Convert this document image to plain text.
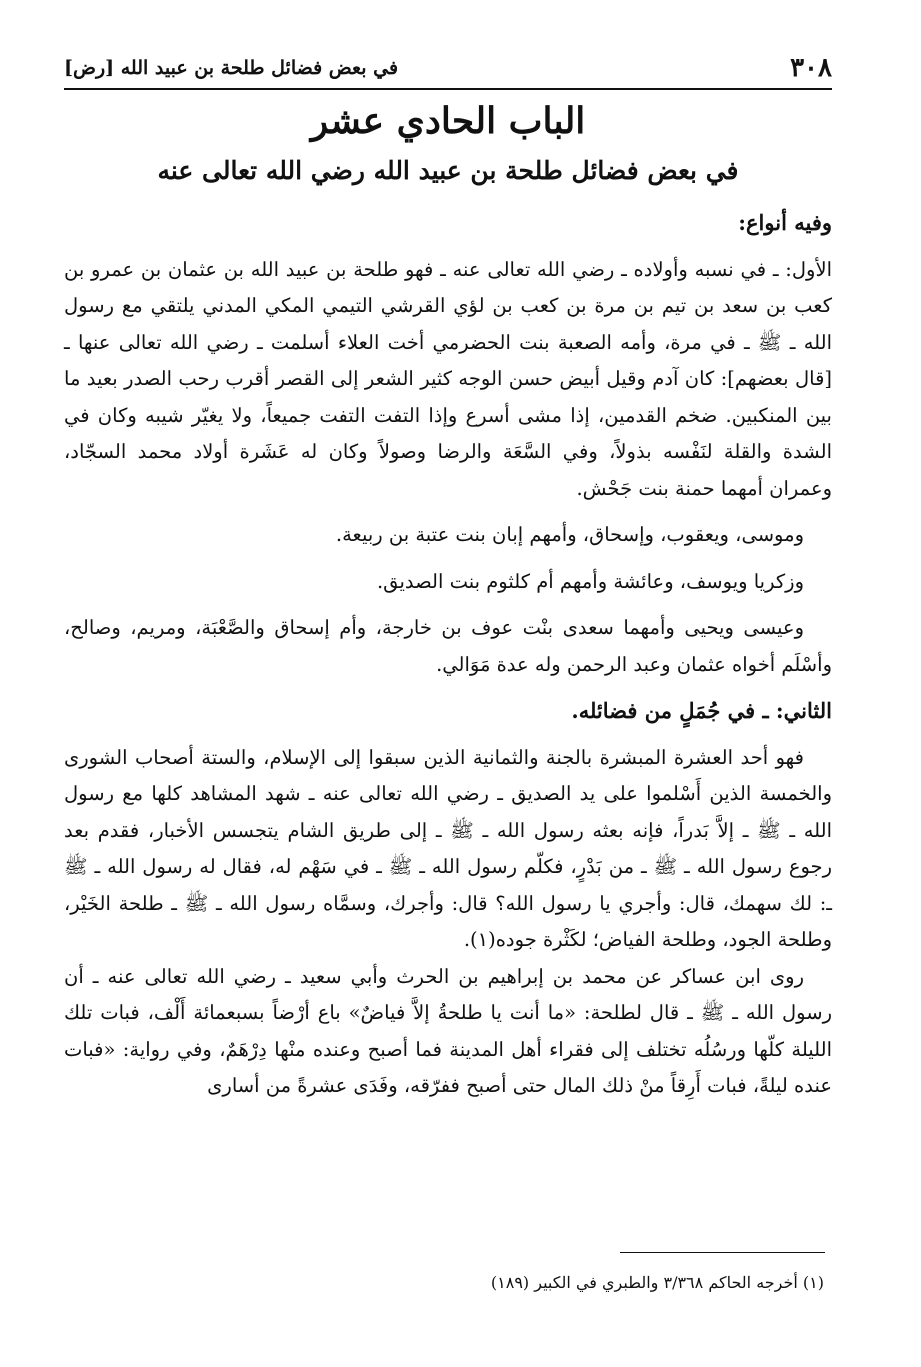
٣٠٨
في بعض فضائل طلحة بن عبيد الله [رض]
الباب الحادي عشر
في بعض فضائل طلحة بن عبيد الله رضي الله تعالى عنه

وفيه أنواع:

الأول: ـ في نسبه وأولاده ـ رضي الله تعالى عنه ـ فهو طلحة بن عبيد الله بن عثمان بن عمرو بن كعب بن سعد بن تيم بن مرة بن كعب بن لؤي القرشي التيمي المكي المدني يلتقي مع رسول الله ـ ﷺ ـ في مرة، وأمه الصعبة بنت الحضرمي أخت العلاء أسلمت ـ رضي الله تعالى عنها ـ [قال بعضهم]: كان آدم وقيل أبيض حسن الوجه كثير الشعر إلى القصر أقرب رحب الصدر بعيد ما بين المنكبين. ضخم القدمين، إذا مشى أسرع وإذا التفت التفت جميعاً، ولا يغيّر شيبه وكان في الشدة والقلة لنَفْسه بذولاً، وفي السَّعَة والرضا وصولاً وكان له عَشَرة أولاد محمد السجّاد، وعمران أمهما حمنة بنت جَحْش.

وموسى، ويعقوب، وإسحاق، وأمهم إبان بنت عتبة بن ربيعة.

وزكريا ويوسف، وعائشة وأمهم أم كلثوم بنت الصديق.

وعيسى ويحيى وأمهما سعدى بنْت عوف بن خارجة، وأم إسحاق والصَّعْبَة، ومريم، وصالح، وأسْلَم أخواه عثمان وعبد الرحمن وله عدة مَوَالي.

الثاني: ـ في جُمَلٍ من فضائله.

فهو أحد العشرة المبشرة بالجنة والثمانية الذين سبقوا إلى الإسلام، والستة أصحاب الشورى والخمسة الذين أَسْلموا على يد الصديق ـ رضي الله تعالى عنه ـ شهد المشاهد كلها مع رسول الله ـ ﷺ ـ إلاَّ بَدراً، فإنه بعثه رسول الله ـ ﷺ ـ إلى طريق الشام يتجسس الأخبار، فقدم بعد رجوع رسول الله ـ ﷺ ـ من بَدْرٍ، فكلّم رسول الله ـ ﷺ ـ في سَهْم له، فقال له رسول الله ـ ﷺ ـ: لك سهمك، قال: وأجري يا رسول الله؟ قال: وأجرك، وسمَّاه رسول الله ـ ﷺ ـ طلحة الخَيْر، وطلحة الجود، وطلحة الفياض؛ لكَثْرة جوده(١).

روى ابن عساكر عن محمد بن إبراهيم بن الحرث وأبي سعيد ـ رضي الله تعالى عنه ـ أن رسول الله ـ ﷺ ـ قال لطلحة: «ما أنت يا طلحةُ إلاَّ فياضٌ» باع أرْضاً بسبعمائة أَلْف، فبات تلك الليلة كلّها ورسُلُه تختلف إلى فقراء أهل المدينة فما أصبح وعنده منْها دِرْهَمٌ، وفي رواية: «فبات عنده ليلةً، فبات أَرِقاً منْ ذلك المال حتى أصبح ففرّقه، وفَدَى عشرةً من أسارى

(١) أخرجه الحاكم ٣/٣٦٨ والطبري في الكبير (١٨٩)
